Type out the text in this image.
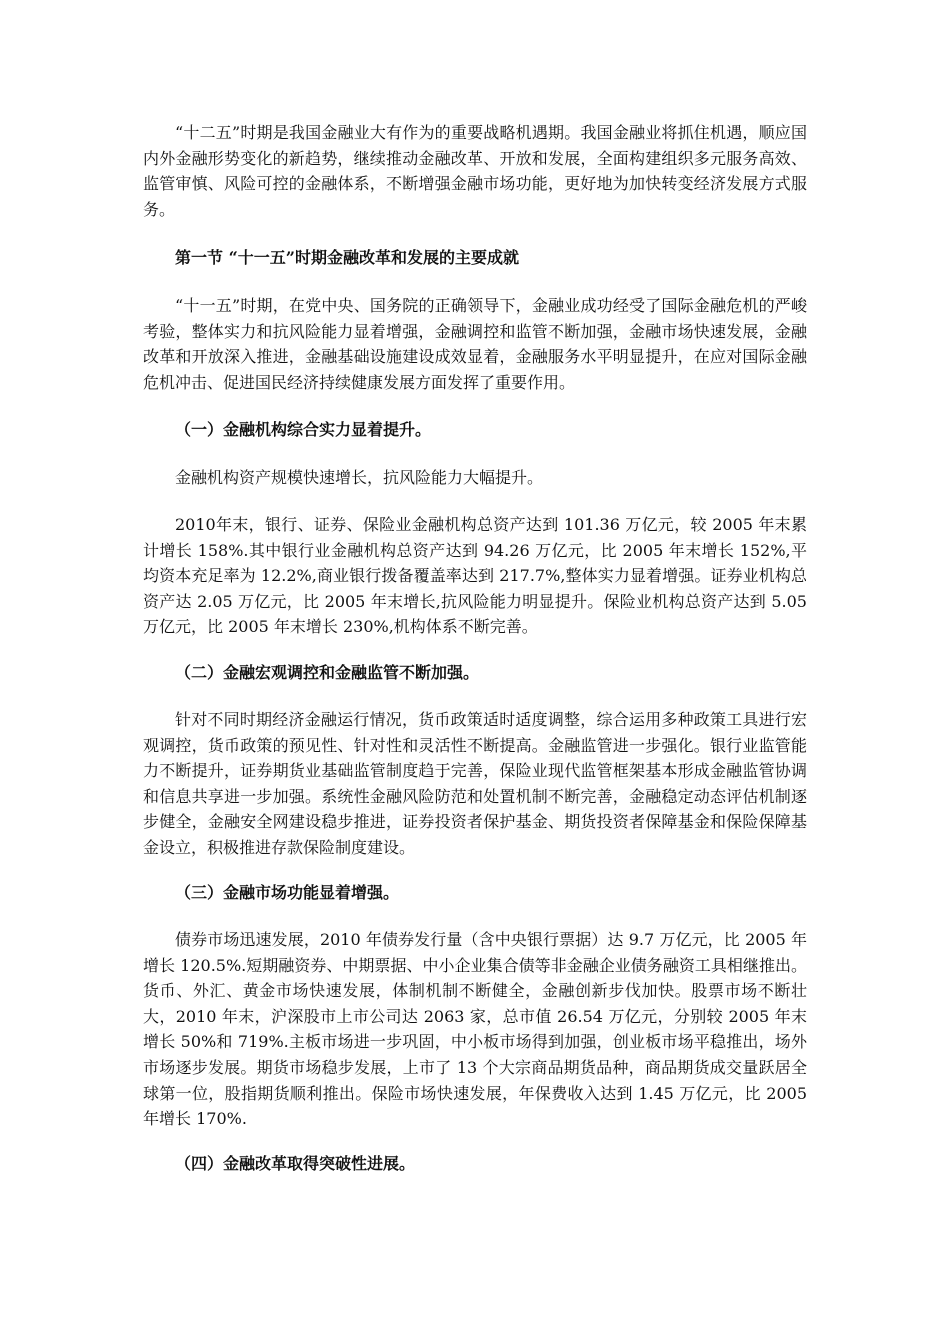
“十二五”时期是我国金融业大有作为的重要战略机遇期。我国金融业将抓住机遇，顺应国内外金融形势变化的新趋势，继续推动金融改革、开放和发展，全面构建组织多元服务高效、监管审慎、风险可控的金融体系，不断增强金融市场功能，更好地为加快转变经济发展方式服务。

第一节 “十一五”时期金融改革和发展的主要成就

“十一五”时期，在党中央、国务院的正确领导下，金融业成功经受了国际金融危机的严峻考验，整体实力和抗风险能力显着增强，金融调控和监管不断加强，金融市场快速发展，金融改革和开放深入推进，金融基础设施建设成效显着，金融服务水平明显提升，在应对国际金融危机冲击、促进国民经济持续健康发展方面发挥了重要作用。

（一）金融机构综合实力显着提升。

金融机构资产规模快速增长，抗风险能力大幅提升。

2010年末，银行、证券、保险业金融机构总资产达到 101.36 万亿元，较 2005 年末累计增长 158%.其中银行业金融机构总资产达到 94.26 万亿元，比 2005 年末增长 152%,平均资本充足率为 12.2%,商业银行拨备覆盖率达到 217.7%,整体实力显着增强。证券业机构总资产达 2.05 万亿元，比 2005 年末增长,抗风险能力明显提升。保险业机构总资产达到 5.05 万亿元，比 2005 年末增长 230%,机构体系不断完善。

（二）金融宏观调控和金融监管不断加强。

针对不同时期经济金融运行情况，货币政策适时适度调整，综合运用多种政策工具进行宏观调控，货币政策的预见性、针对性和灵活性不断提高。金融监管进一步强化。银行业监管能力不断提升，证券期货业基础监管制度趋于完善，保险业现代监管框架基本形成金融监管协调和信息共享进一步加强。系统性金融风险防范和处置机制不断完善，金融稳定动态评估机制逐步健全，金融安全网建设稳步推进，证券投资者保护基金、期货投资者保障基金和保险保障基金设立，积极推进存款保险制度建设。

（三）金融市场功能显着增强。

债券市场迅速发展，2010 年债券发行量（含中央银行票据）达 9.7 万亿元，比 2005 年增长 120.5%.短期融资券、中期票据、中小企业集合债等非金融企业债务融资工具相继推出。货币、外汇、黄金市场快速发展，体制机制不断健全，金融创新步伐加快。股票市场不断壮大，2010 年末，沪深股市上市公司达 2063 家，总市值 26.54 万亿元，分别较 2005 年末增长 50%和 719%.主板市场进一步巩固，中小板市场得到加强，创业板市场平稳推出，场外市场逐步发展。期货市场稳步发展，上市了 13 个大宗商品期货品种，商品期货成交量跃居全球第一位，股指期货顺利推出。保险市场快速发展，年保费收入达到 1.45 万亿元，比 2005 年增长 170%.

（四）金融改革取得突破性进展。
